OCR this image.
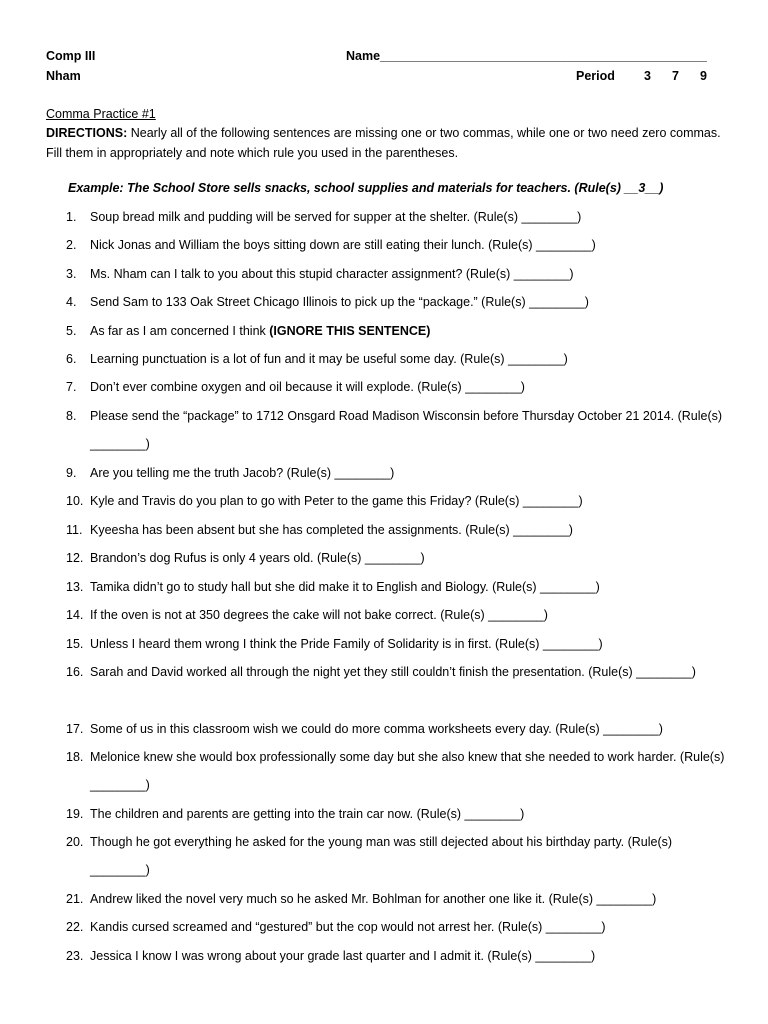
Comp III	Name_______________________________________________
Nham	Period 3 7 9
Comma Practice #1
DIRECTIONS: Nearly all of the following sentences are missing one or two commas, while one or two need zero commas. Fill them in appropriately and note which rule you used in the parentheses.
Example: The School Store sells snacks, school supplies and materials for teachers. (Rule(s) __3__)
1.	Soup bread milk and pudding will be served for supper at the shelter. (Rule(s) ________)
2.	Nick Jonas and William the boys sitting down are still eating their lunch. (Rule(s) ________)
3.	Ms. Nham can I talk to you about this stupid character assignment? (Rule(s) ________)
4.	Send Sam to 133 Oak Street Chicago Illinois to pick up the “package.” (Rule(s) ________)
5.	As far as I am concerned I think (IGNORE THIS SENTENCE)
6.	Learning punctuation is a lot of fun and it may be useful some day. (Rule(s) ________)
7.	Don’t ever combine oxygen and oil because it will explode. (Rule(s) ________)
8.	Please send the “package” to 1712 Onsgard Road Madison Wisconsin before Thursday October 21 2014. (Rule(s) ________)
9.	Are you telling me the truth Jacob? (Rule(s) ________)
10. Kyle and Travis do you plan to go with Peter to the game this Friday? (Rule(s) ________)
11. Kyeesha has been absent but she has completed the assignments. (Rule(s) ________)
12. Brandon’s dog Rufus is only 4 years old. (Rule(s) ________)
13. Tamika didn’t go to study hall but she did make it to English and Biology. (Rule(s) ________)
14. If the oven is not at 350 degrees the cake will not bake correct. (Rule(s) ________)
15. Unless I heard them wrong I think the Pride Family of Solidarity is in first. (Rule(s) ________)
16. Sarah and David worked all through the night yet they still couldn’t finish the presentation. (Rule(s) ________)
17. Some of us in this classroom wish we could do more comma worksheets every day. (Rule(s) ________)
18. Melonice knew she would box professionally some day but she also knew that she needed to work harder. (Rule(s) ________)
19. The children and parents are getting into the train car now. (Rule(s) ________)
20. Though he got everything he asked for the young man was still dejected about his birthday party. (Rule(s) ________)
21. Andrew liked the novel very much so he asked Mr. Bohlman for another one like it. (Rule(s) ________)
22. Kandis cursed screamed and “gestured” but the cop would not arrest her. (Rule(s) ________)
23. Jessica I know I was wrong about your grade last quarter and I admit it. (Rule(s) ________)
